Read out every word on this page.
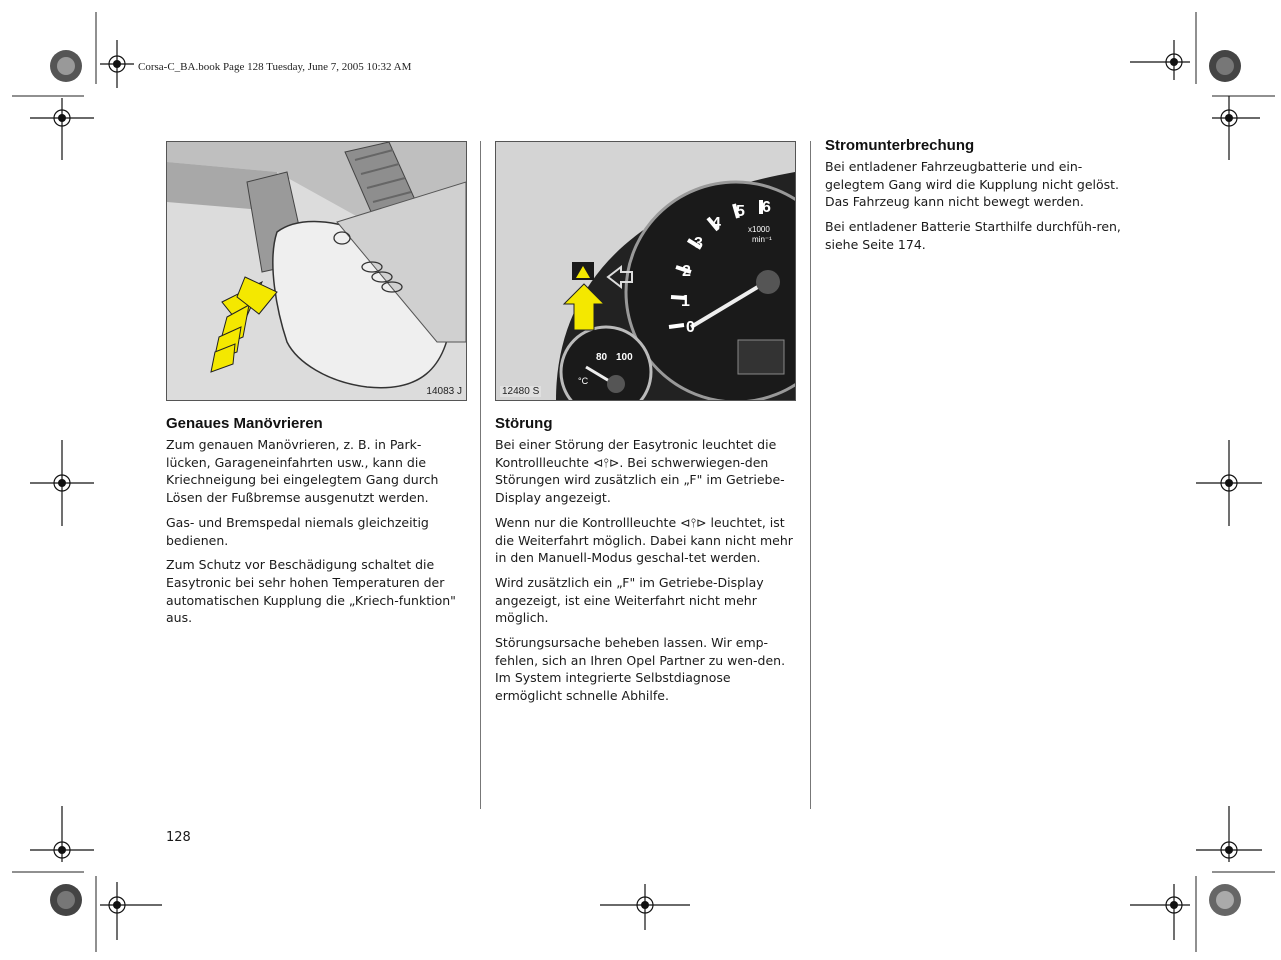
Corsa-C_BA.book Page 128 Tuesday, June 7, 2005 10:32 AM
14083 J
0
1
2
3
4
5 6
x1000
min⁻¹
80 100
°C
12480 S
Genaues Manövrieren

Zum genauen Manövrieren, z. B. in Park-lücken, Garageneinfahrten usw., kann die Kriechneigung bei eingelegtem Gang durch Lösen der Fußbremse ausgenutzt werden.

Gas- und Bremspedal niemals gleichzeitig bedienen.

Zum Schutz vor Beschädigung schaltet die Easytronic bei sehr hohen Temperaturen der automatischen Kupplung die „Kriech-funktion" aus.

Störung

Bei einer Störung der Easytronic leuchtet die Kontrollleuchte ⊲⫯⊳. Bei schwerwiegen-den Störungen wird zusätzlich ein „F" im Getriebe-Display angezeigt.

Wenn nur die Kontrollleuchte ⊲⫯⊳ leuchtet, ist die Weiterfahrt möglich. Dabei kann nicht mehr in den Manuell-Modus geschal-tet werden.

Wird zusätzlich ein „F" im Getriebe-Display angezeigt, ist eine Weiterfahrt nicht mehr möglich.

Störungsursache beheben lassen. Wir emp-fehlen, sich an Ihren Opel Partner zu wen-den. Im System integrierte Selbstdiagnose ermöglicht schnelle Abhilfe.

Stromunterbrechung

Bei entladener Fahrzeugbatterie und ein-gelegtem Gang wird die Kupplung nicht gelöst. Das Fahrzeug kann nicht bewegt werden.

Bei entladener Batterie Starthilfe durchfüh-ren, siehe Seite 174.

128
